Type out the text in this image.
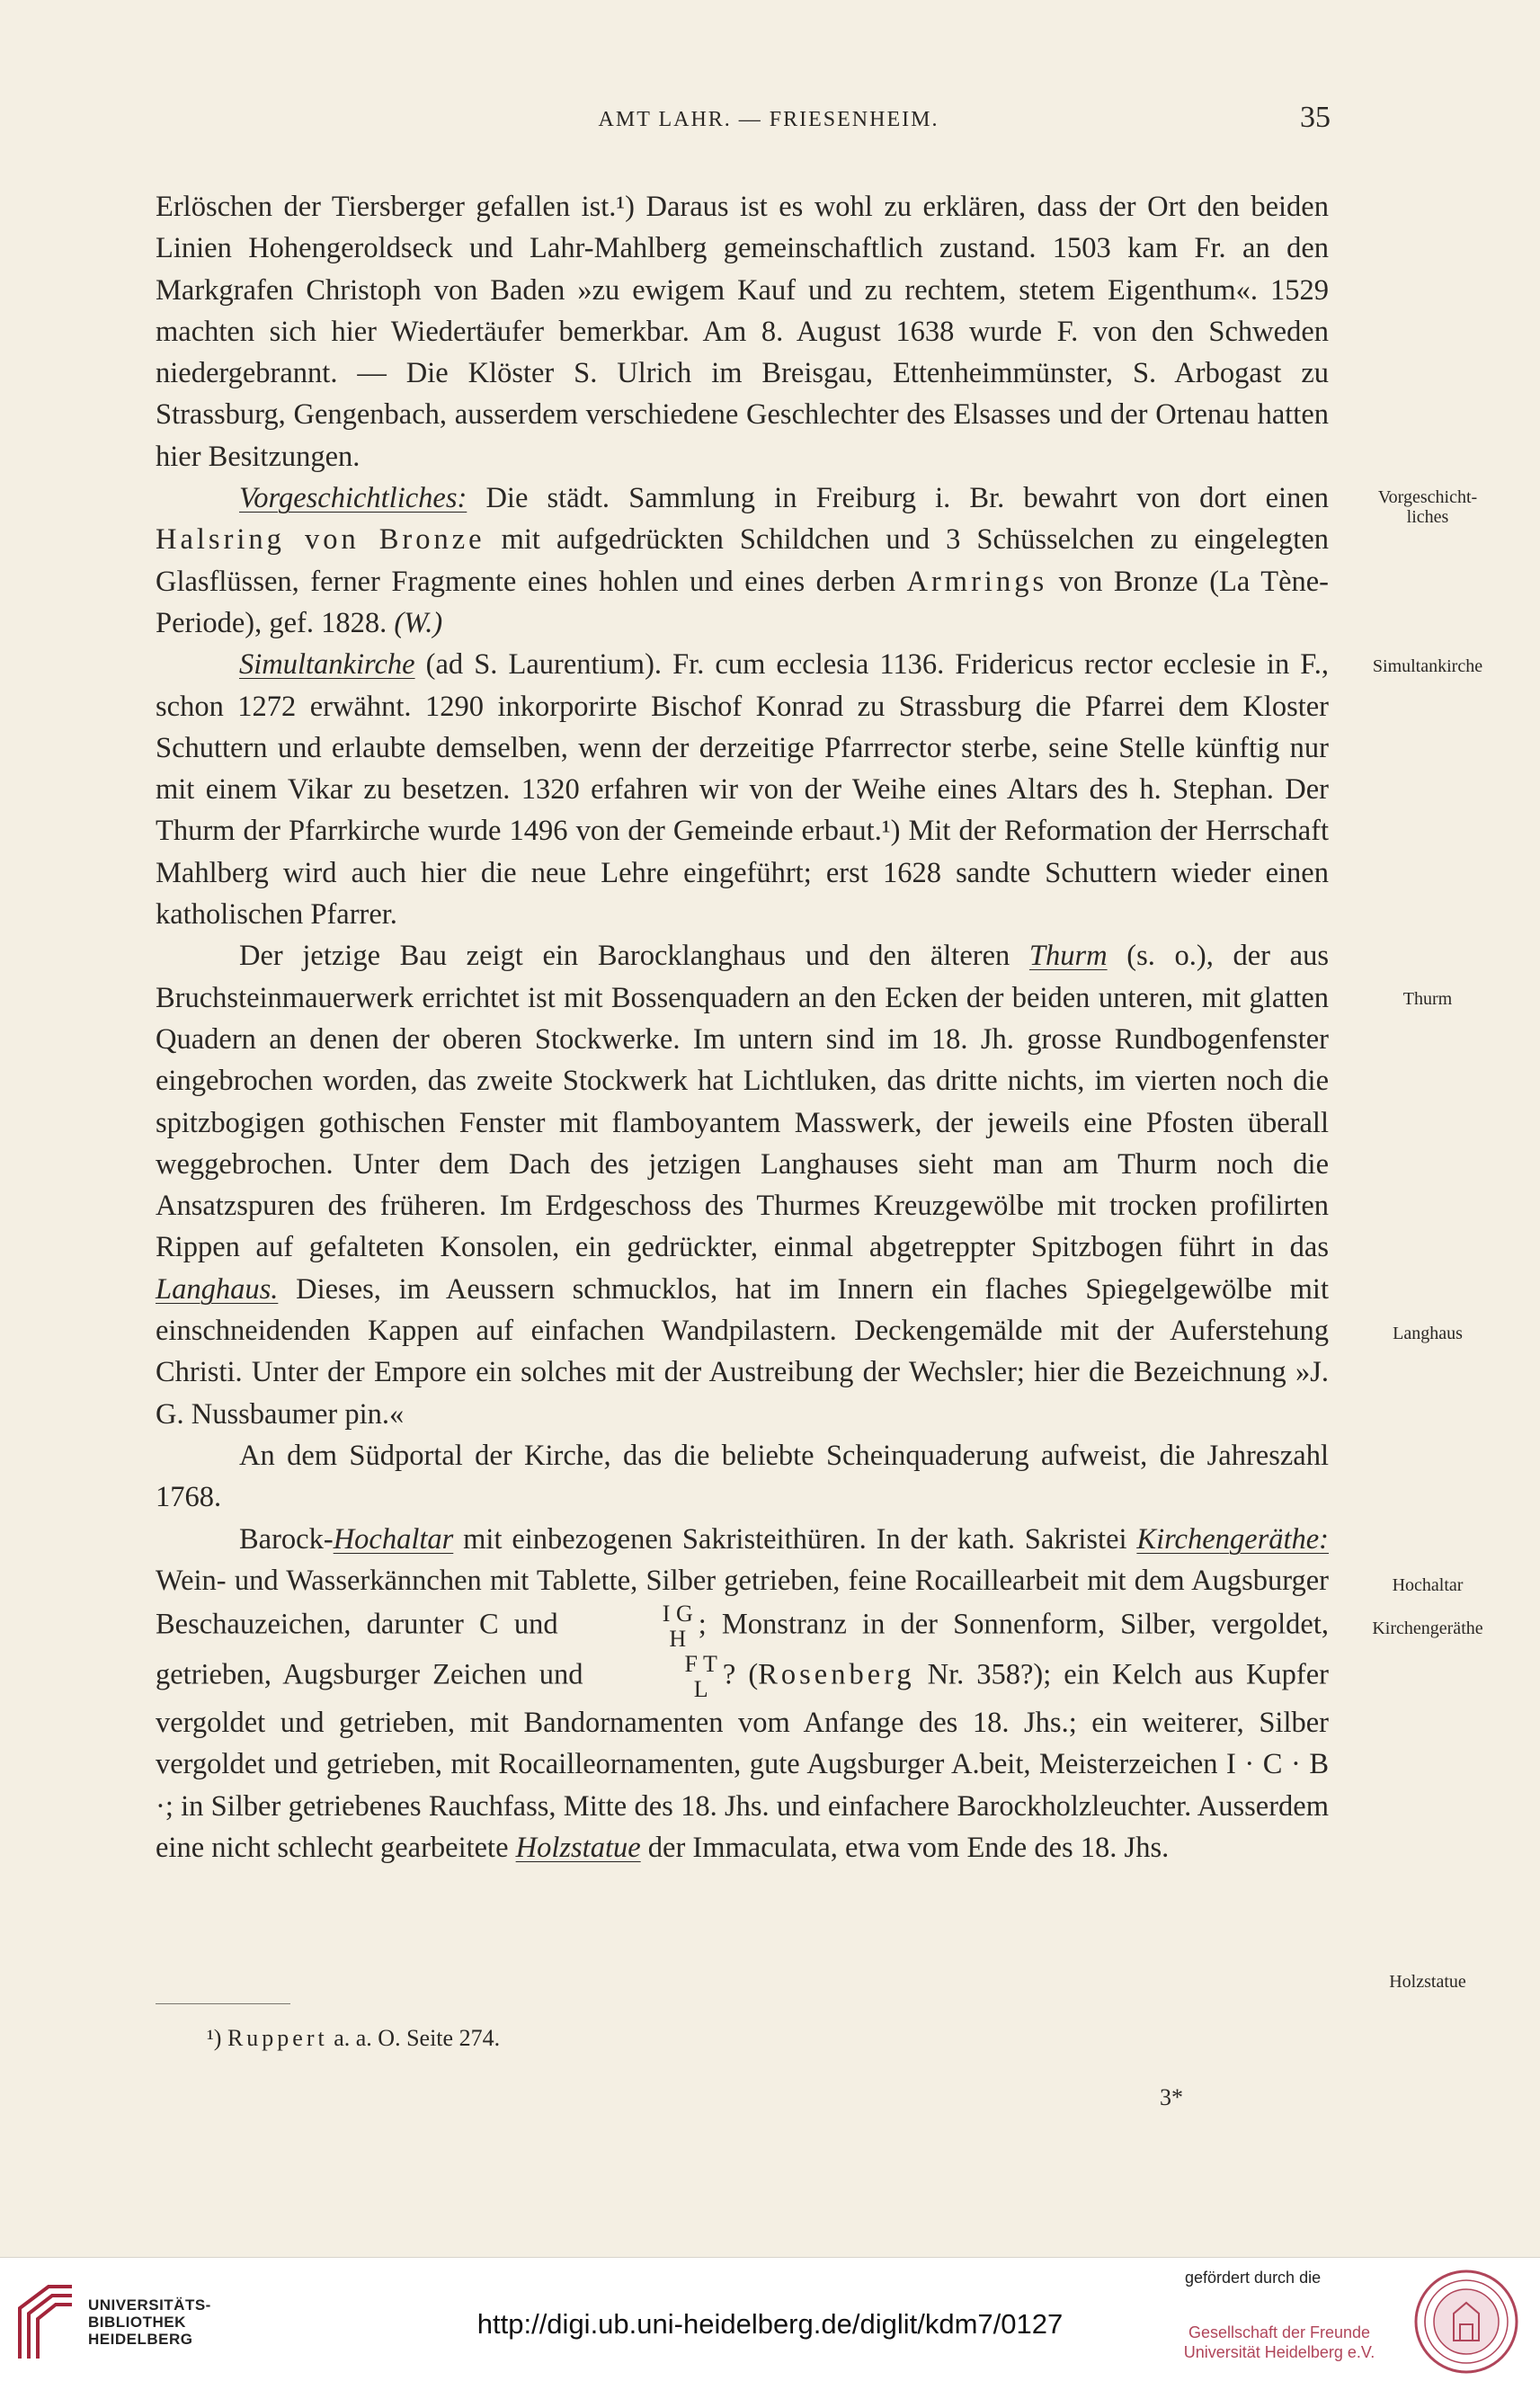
AMT LAHR. — FRIESENHEIM.	35

Erlöschen der Tiersberger gefallen ist.¹) Daraus ist es wohl zu erklären, dass der Ort den beiden Linien Hohengeroldseck und Lahr-Mahlberg gemeinschaftlich zustand. 1503 kam Fr. an den Markgrafen Christoph von Baden »zu ewigem Kauf und zu rechtem, stetem Eigenthum«. 1529 machten sich hier Wiedertäufer bemerkbar. Am 8. August 1638 wurde F. von den Schweden niedergebrannt. — Die Klöster S. Ulrich im Breisgau, Ettenheimmünster, S. Arbogast zu Strassburg, Gengenbach, ausserdem verschiedene Geschlechter des Elsasses und der Ortenau hatten hier Besitzungen.

Vorgeschichtliches: Die städt. Sammlung in Freiburg i. Br. bewahrt von dort einen Halsring von Bronze mit aufgedrückten Schildchen und 3 Schüsselchen zu eingelegten Glasflüssen, ferner Fragmente eines hohlen und eines derben Armrings von Bronze (La Tène-Periode), gef. 1828. (W.)

Simultankirche (ad S. Laurentium). Fr. cum ecclesia 1136. Fridericus rector ecclesie in F., schon 1272 erwähnt. 1290 inkorporirte Bischof Konrad zu Strassburg die Pfarrei dem Kloster Schuttern und erlaubte demselben, wenn der derzeitige Pfarrrector sterbe, seine Stelle künftig nur mit einem Vikar zu besetzen. 1320 erfahren wir von der Weihe eines Altars des h. Stephan. Der Thurm der Pfarrkirche wurde 1496 von der Gemeinde erbaut.¹) Mit der Reformation der Herrschaft Mahlberg wird auch hier die neue Lehre eingeführt; erst 1628 sandte Schuttern wieder einen katholischen Pfarrer.

Der jetzige Bau zeigt ein Barocklanghaus und den älteren Thurm (s. o.), der aus Bruchsteinmauerwerk errichtet ist mit Bossenquadern an den Ecken der beiden unteren, mit glatten Quadern an denen der oberen Stockwerke. Im untern sind im 18. Jh. grosse Rundbogenfenster eingebrochen worden, das zweite Stockwerk hat Lichtluken, das dritte nichts, im vierten noch die spitzbogigen gothischen Fenster mit flamboyantem Masswerk, der jeweils eine Pfosten überall weggebrochen. Unter dem Dach des jetzigen Langhauses sieht man am Thurm noch die Ansatzspuren des früheren. Im Erdgeschoss des Thurmes Kreuzgewölbe mit trocken profilirten Rippen auf gefalteten Konsolen, ein gedrückter, einmal abgetreppter Spitzbogen führt in das Langhaus. Dieses, im Aeussern schmucklos, hat im Innern ein flaches Spiegelgewölbe mit einschneidenden Kappen auf einfachen Wandpilastern. Deckengemälde mit der Auferstehung Christi. Unter der Empore ein solches mit der Austreibung der Wechsler; hier die Bezeichnung »J. G. Nussbaumer pin.«

An dem Südportal der Kirche, das die beliebte Scheinquaderung aufweist, die Jahreszahl 1768.

Barock-Hochaltar mit einbezogenen Sakristeithüren. In der kath. Sakristei Kirchengeräthe: Wein- und Wasserkännchen mit Tablette, Silber getrieben, feine Rocaillearbeit mit dem Augsburger Beschauzeichen, darunter C und	I G
H ; Monstranz in der Sonnenform, Silber, vergoldet, getrieben, Augsburger Zeichen und	F T
L ? (Rosenberg Nr. 358?); ein Kelch aus Kupfer vergoldet und getrieben, mit Bandornamenten vom Anfange des 18. Jhs.; ein weiterer, Silber vergoldet und getrieben, mit Rocailleornamenten, gute Augsburger A.beit, Meisterzeichen I · C · B ·; in Silber getriebenes Rauchfass, Mitte des 18. Jhs. und einfachere Barockholzleuchter. Ausserdem eine nicht schlecht gearbeitete Holzstatue der Immaculata, etwa vom Ende des 18. Jhs.

Vorgeschicht-
liches
Simultankirche
Thurm
Langhaus
Hochaltar
Kirchengeräthe
Holzstatue
¹) Ruppert a. a. O. Seite 274.
3*
UNIVERSITÄTS-
BIBLIOTHEK
HEIDELBERG	http://digi.ub.uni-heidelberg.de/diglit/kdm7/0127
gefördert durch die
Gesellschaft der Freunde
Universität Heidelberg e.V.
